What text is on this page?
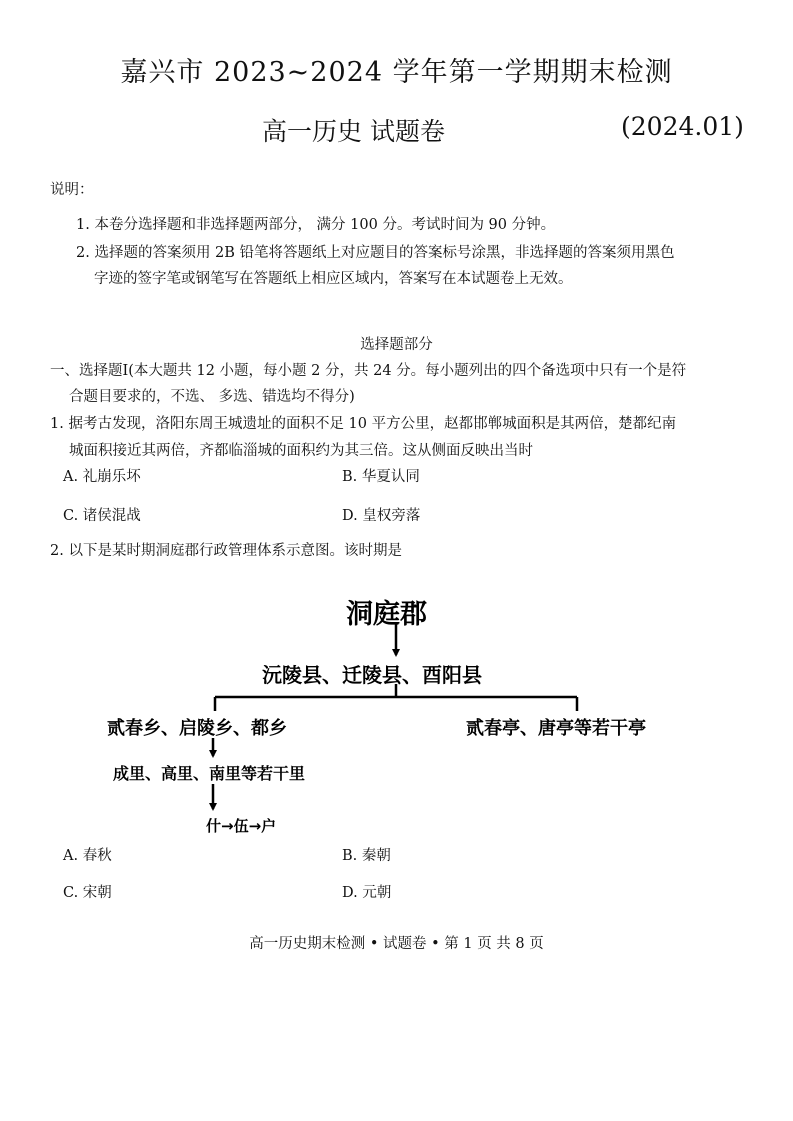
嘉兴市 2023~2024 学年第一学期期末检测
高一历史 试题卷	(2024.01)
说明：
1. 本卷分选择题和非选择题两部分， 满分 100 分。考试时间为 90 分钟。
2. 选择题的答案须用 2B 铅笔将答题纸上对应题目的答案标号涂黑，非选择题的答案须用黑色
字迹的签字笔或钢笔写在答题纸上相应区域内，答案写在本试题卷上无效。
选择题部分
一、选择题Ⅰ(本大题共 12 小题，每小题 2 分，共 24 分。每小题列出的四个备选项中只有一个是符
合题目要求的，不选、 多选、错选均不得分)
1. 据考古发现，洛阳东周王城遗址的面积不足 10 平方公里，赵都邯郸城面积是其两倍，楚都纪南
城面积接近其两倍，齐都临淄城的面积约为其三倍。这从侧面反映出当时
A. 礼崩乐坏	B. 华夏认同
C. 诸侯混战	D. 皇权旁落
2. 以下是某时期洞庭郡行政管理体系示意图。该时期是
洞庭郡
沅陵县、迁陵县、酉阳县
贰春乡、启陵乡、都乡	贰春亭、唐亭等若干亭
成里、高里、南里等若干里
什→伍→户
A. 春秋	B. 秦朝
C. 宋朝	D. 元朝
高一历史期末检测 • 试题卷 • 第 1 页 共 8 页
